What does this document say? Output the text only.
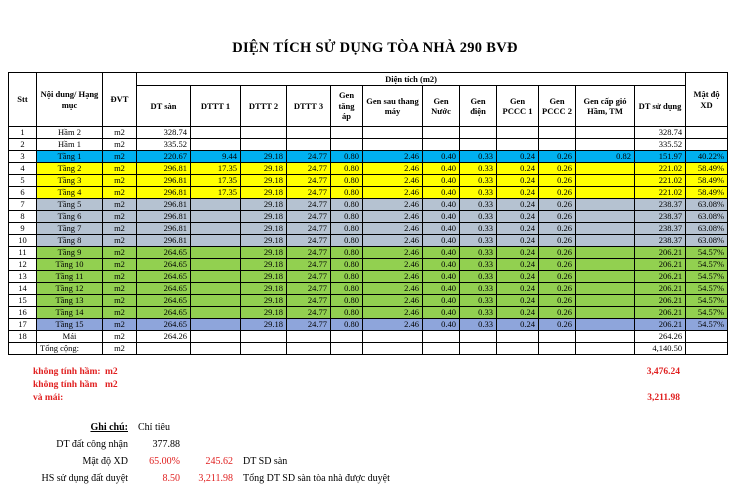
DIỆN TÍCH SỬ DỤNG TÒA NHÀ 290 BVĐ
Stt	Nội dung/ Hạng mục	ĐVT	Diện tích (m2)												Mật độ XD
			DT sàn	DTTT 1	DTTT 2	DTTT 3	Gen tăng áp	Gen sau thang máy	Gen Nước	Gen điện	Gen PCCC 1	Gen PCCC 2	Gen cấp gió Hầm, TM	DT sử dụng	
1	Hầm 2	m2	328.74											328.74	
2	Hầm 1	m2	335.52											335.52	
3	Tầng 1	m2	220.67	9.44	29.18	24.77	0.80	2.46	0.40	0.33	0.24	0.26	0.82	151.97	40.22%
4	Tầng 2	m2	296.81	17.35	29.18	24.77	0.80	2.46	0.40	0.33	0.24	0.26		221.02	58.49%
5	Tầng 3	m2	296.81	17.35	29.18	24.77	0.80	2.46	0.40	0.33	0.24	0.26		221.02	58.49%
6	Tầng 4	m2	296.81	17.35	29.18	24.77	0.80	2.46	0.40	0.33	0.24	0.26		221.02	58.49%
7	Tầng 5	m2	296.81		29.18	24.77	0.80	2.46	0.40	0.33	0.24	0.26		238.37	63.08%
8	Tầng 6	m2	296.81		29.18	24.77	0.80	2.46	0.40	0.33	0.24	0.26		238.37	63.08%
9	Tầng 7	m2	296.81		29.18	24.77	0.80	2.46	0.40	0.33	0.24	0.26		238.37	63.08%
10	Tầng 8	m2	296.81		29.18	24.77	0.80	2.46	0.40	0.33	0.24	0.26		238.37	63.08%
11	Tầng 9	m2	264.65		29.18	24.77	0.80	2.46	0.40	0.33	0.24	0.26		206.21	54.57%
12	Tầng 10	m2	264.65		29.18	24.77	0.80	2.46	0.40	0.33	0.24	0.26		206.21	54.57%
13	Tầng 11	m2	264.65		29.18	24.77	0.80	2.46	0.40	0.33	0.24	0.26		206.21	54.57%
14	Tầng 12	m2	264.65		29.18	24.77	0.80	2.46	0.40	0.33	0.24	0.26		206.21	54.57%
15	Tầng 13	m2	264.65		29.18	24.77	0.80	2.46	0.40	0.33	0.24	0.26		206.21	54.57%
16	Tầng 14	m2	264.65		29.18	24.77	0.80	2.46	0.40	0.33	0.24	0.26		206.21	54.57%
17	Tầng 15	m2	264.65		29.18	24.77	0.80	2.46	0.40	0.33	0.24	0.26		206.21	54.57%
18	Mái	m2	264.26											264.26	
	Tổng cộng:	m2												4,140.50	
không tính hầm: m2	3,476.24
không tính hầm và mái:
m2
3,211.98
Ghi chú: Chỉ tiêu
DT đất công nhận	377.88
Mật độ XD	65.00%	245.62 DT SD sàn
HS sử dụng đất duyệt	8.50	3,211.98 Tổng DT SD sàn tòa nhà được duyệt
